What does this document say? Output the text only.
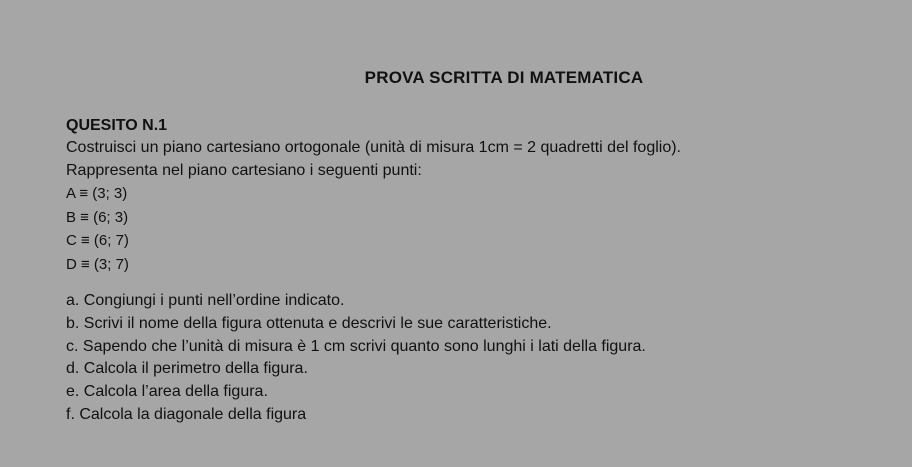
PROVA SCRITTA DI MATEMATICA

QUESITO N.1

Costruisci un piano cartesiano ortogonale (unità di misura 1cm = 2 quadretti del foglio).

Rappresenta nel piano cartesiano i seguenti punti:

A ≡ (3; 3)
B ≡ (6; 3)
C ≡ (6; 7)
D ≡ (3; 7)
a. Congiungi i punti nell’ordine indicato.
b. Scrivi il nome della figura ottenuta e descrivi le sue caratteristiche.
c. Sapendo che l’unità di misura è 1 cm scrivi quanto sono lunghi i lati della figura.
d. Calcola il perimetro della figura.
e. Calcola l’area della figura.
f. Calcola la diagonale della figura
